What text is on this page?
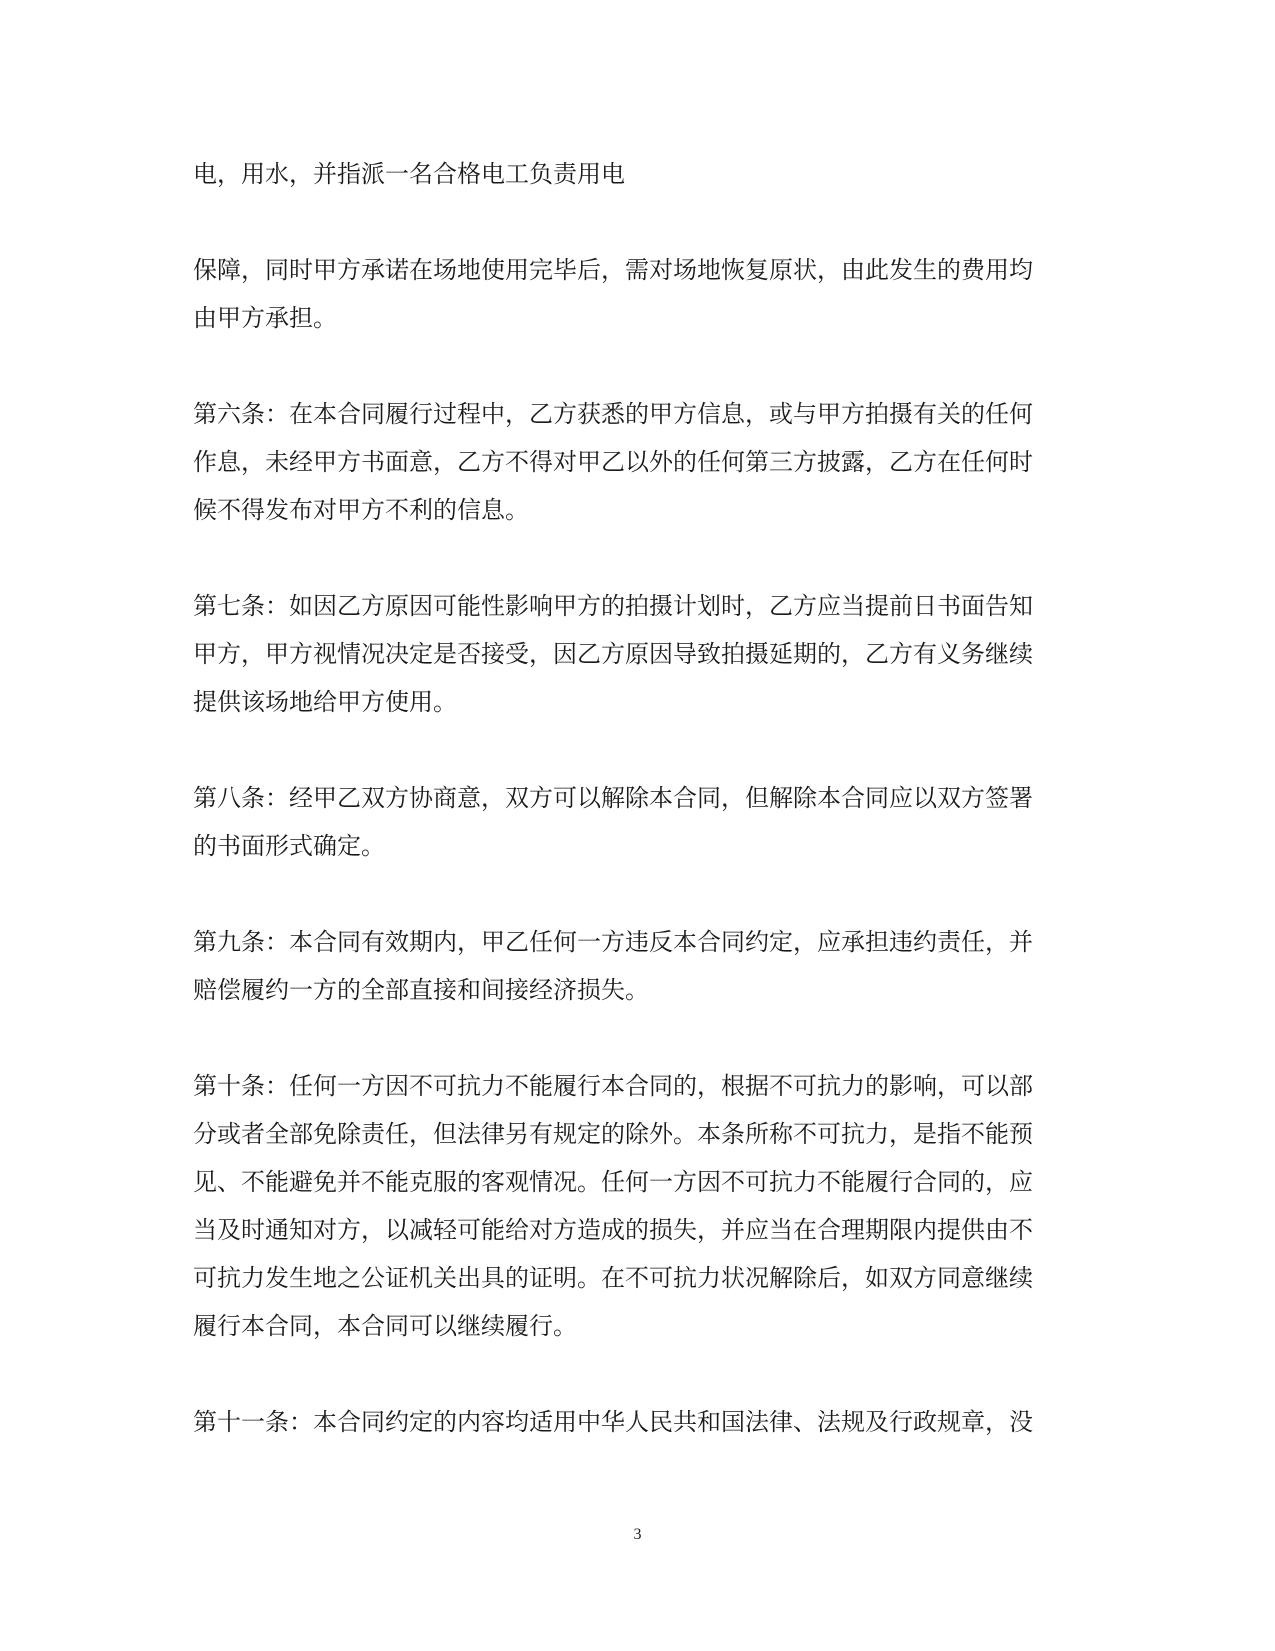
电，用水，并指派一名合格电工负责用电
保障，同时甲方承诺在场地使用完毕后，需对场地恢复原状，由此发生的费用均
由甲方承担。
第六条：在本合同履行过程中，乙方获悉的甲方信息，或与甲方拍摄有关的任何
作息，未经甲方书面意，乙方不得对甲乙以外的任何第三方披露，乙方在任何时
候不得发布对甲方不利的信息。
第七条：如因乙方原因可能性影响甲方的拍摄计划时，乙方应当提前日书面告知
甲方，甲方视情况决定是否接受，因乙方原因导致拍摄延期的，乙方有义务继续
提供该场地给甲方使用。
第八条：经甲乙双方协商意，双方可以解除本合同，但解除本合同应以双方签署
的书面形式确定。
第九条：本合同有效期内，甲乙任何一方违反本合同约定，应承担违约责任，并
赔偿履约一方的全部直接和间接经济损失。
第十条：任何一方因不可抗力不能履行本合同的，根据不可抗力的影响，可以部
分或者全部免除责任，但法律另有规定的除外。本条所称不可抗力，是指不能预
见、不能避免并不能克服的客观情况。任何一方因不可抗力不能履行合同的，应
当及时通知对方，以减轻可能给对方造成的损失，并应当在合理期限内提供由不
可抗力发生地之公证机关出具的证明。在不可抗力状况解除后，如双方同意继续
履行本合同，本合同可以继续履行。
第十一条：本合同约定的内容均适用中华人民共和国法律、法规及行政规章，没
3
